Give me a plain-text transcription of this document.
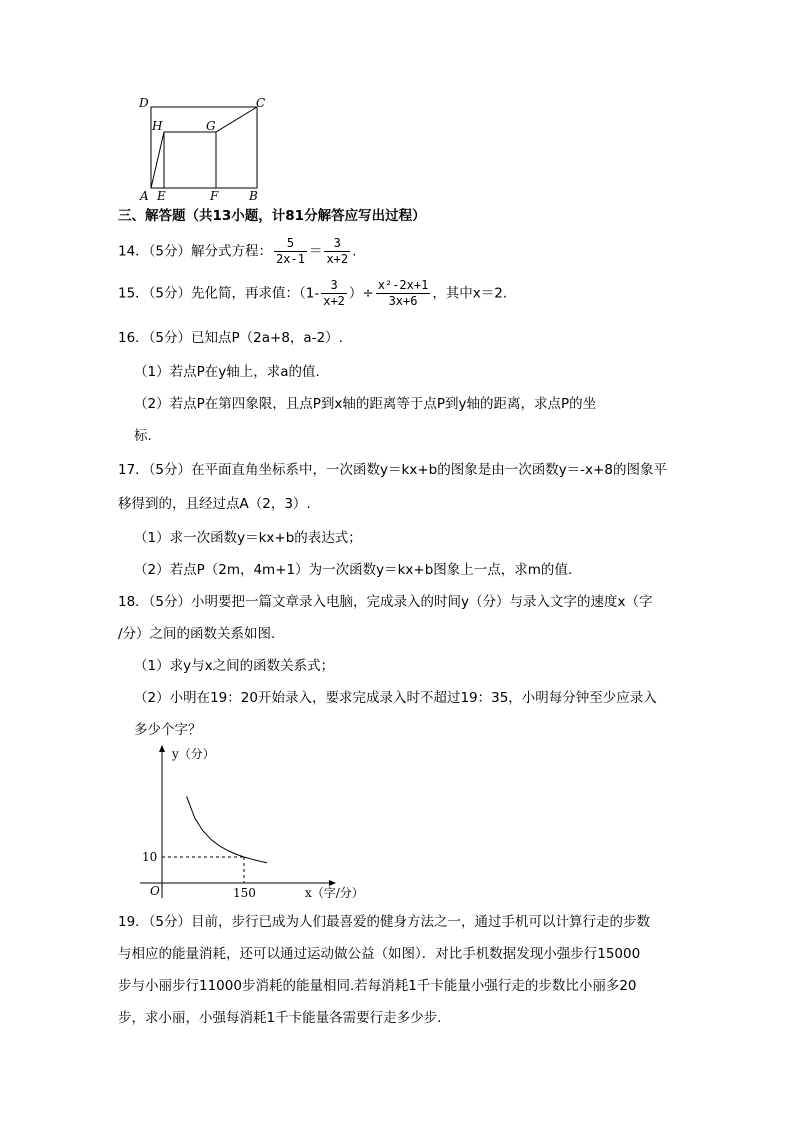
D	C
H	G
A E	F	B
三、解答题（共13小题，计81分解答应写出过程）
14．（5分）解分式方程： $\frac{5}{2x-1} = \frac{3}{x+2}$ .
15．（5分）先化简，再求值：（$1- \frac{3}{x+2}$ ）÷ $\frac{\text{x²-2x+1}}{3x+6}$ ，其中x＝2.
16．（5分）已知点P（2a+8，a-2）.
（1）若点P在y轴上，求a的值.
（2）若点P在第四象限，且点P到x轴的距离等于点P到y轴的距离，求点P的坐
标.
17．（5分）在平面直角坐标系中，一次函数y＝kx+b的图象是由一次函数y＝-x+8的图象平
移得到的，且经过点A（2，3）.
（1）求一次函数y＝kx+b的表达式；
（2）若点P（2m，4m+1）为一次函数y＝kx+b图象上一点，求m的值.
18．（5分）小明要把一篇文章录入电脑，完成录入的时间y（分）与录入文字的速度x（字
/分）之间的函数关系如图.
（1）求y与x之间的函数关系式；
（2）小明在19：20开始录入，要求完成录入时不超过19：35，小明每分钟至少应录入
多少个字？
150
10
O
y（分）
x（字/分）
19．（5分）目前，步行已成为人们最喜爱的健身方法之一，通过手机可以计算行走的步数
与相应的能量消耗，还可以通过运动做公益（如图）．对比手机数据发现小强步行15000
步与小丽步行11000步消耗的能量相同.若每消耗1千卡能量小强行走的步数比小丽多20
步，求小丽，小强每消耗1千卡能量各需要行走多少步.
